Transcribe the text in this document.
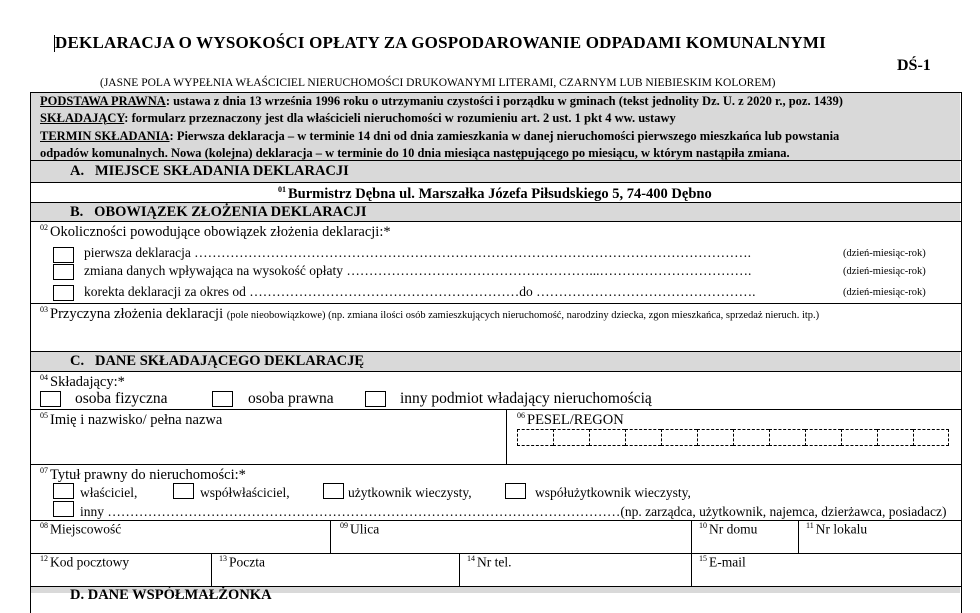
DEKLARACJA O WYSOKOŚCI OPŁATY ZA GOSPODAROWANIE ODPADAMI KOMUNALNYMI
DŚ-1
(JASNE POLA WYPEŁNIA WŁAŚCICIEL NIERUCHOMOŚCI DRUKOWANYMI LITERAMI, CZARNYM LUB NIEBIESKIM KOLOREM)
PODSTAWA PRAWNA: ustawa z dnia 13 września 1996 roku o utrzymaniu czystości i porządku w gminach (tekst jednolity Dz. U. z 2020 r., poz. 1439)
SKŁADAJĄCY: formularz przeznaczony jest dla właścicieli nieruchomości w rozumieniu art. 2 ust. 1 pkt 4 ww. ustawy
TERMIN SKŁADANIA: Pierwsza deklaracja – w terminie 14 dni od dnia zamieszkania w danej nieruchomości pierwszego mieszkańca lub powstania
odpadów komunalnych. Nowa (kolejna) deklaracja – w terminie do 10 dnia miesiąca następującego po miesiącu, w którym nastąpiła zmiana.
A. MIEJSCE SKŁADANIA DEKLARACJI
$^{01}$ Burmistrz Dębna ul. Marszałka Józefa Piłsudskiego 5, 74-400 Dębno
B. OBOWIĄZEK ZŁOŻENIA DEKLARACJI
$^{02}$ Okoliczności powodujące obowiązek złożenia deklaracji:*
pierwsza deklaracja …………………………………………………………………………………………………………….	(dzień-miesiąc-rok)
zmiana danych wpływająca na wysokość opłaty ………………………………………………...…………………………….	(dzień-miesiąc-rok)
korekta deklaracji za okres od ……………………………………………………do ………………………………………….	(dzień-miesiąc-rok)
$^{03}$ Przyczyna złożenia deklaracji (pole nieobowiązkowe) (np. zmiana ilości osób zamieszkujących nieruchomość, narodziny dziecka, zgon mieszkańca, sprzedaż nieruch. itp.)
C. DANE SKŁADAJĄCEGO DEKLARACJĘ
$^{04}$ Składający:*
osoba fizyczna	osoba prawna	inny podmiot władający nieruchomością
$^{05}$ Imię i nazwisko/ pełna nazwa	$^{06}$ PESEL/REGON
$^{07}$ Tytuł prawny do nieruchomości:*
właściciel,	współwłaściciel,	użytkownik wieczysty,	współużytkownik wieczysty,
inny ……………………………………………………………………………………………………(np. zarządca, użytkownik, najemca, dzierżawca, posiadacz)
$^{08}$ Miejscowość	$^{09}$ Ulica	$^{10}$ Nr domu	$^{11}$ Nr lokalu
$^{12}$ Kod pocztowy	$^{13}$ Poczta	$^{14}$ Nr tel.	$^{15}$ E-mail
D. DANE WSPÓŁMAŁŻONKA
